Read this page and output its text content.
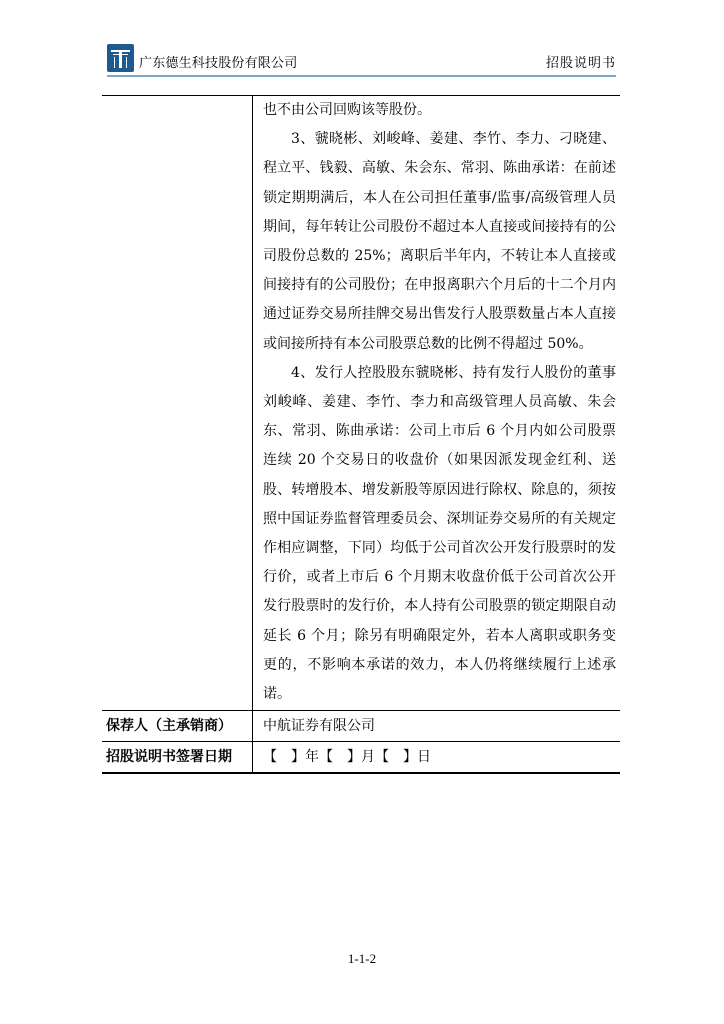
广东德生科技股份有限公司	招股说明书

	也不由公司回购该等股份。

3、虢晓彬、刘峻峰、姜建、李竹、李力、刁晓建、程立平、钱毅、高敏、朱会东、常羽、陈曲承诺：在前述锁定期期满后，本人在公司担任董事/监事/高级管理人员期间，每年转让公司股份不超过本人直接或间接持有的公司股份总数的 25%；离职后半年内，不转让本人直接或间接持有的公司股份；在申报离职六个月后的十二个月内通过证券交易所挂牌交易出售发行人股票数量占本人直接或间接所持有本公司股票总数的比例不得超过 50%。

4、发行人控股股东虢晓彬、持有发行人股份的董事刘峻峰、姜建、李竹、李力和高级管理人员高敏、朱会东、常羽、陈曲承诺：公司上市后 6 个月内如公司股票连续 20 个交易日的收盘价（如果因派发现金红利、送股、转增股本、增发新股等原因进行除权、除息的，须按照中国证券监督管理委员会、深圳证券交易所的有关规定作相应调整，下同）均低于公司首次公开发行股票时的发行价，或者上市后 6 个月期末收盘价低于公司首次公开发行股票时的发行价，本人持有公司股票的锁定期限自动延长 6 个月；除另有明确限定外，若本人离职或职务变更的，不影响本承诺的效力，本人仍将继续履行上述承诺。

保荐人（主承销商）	中航证券有限公司
招股说明书签署日期	【　】年【　】月【　】日
1-1-2
